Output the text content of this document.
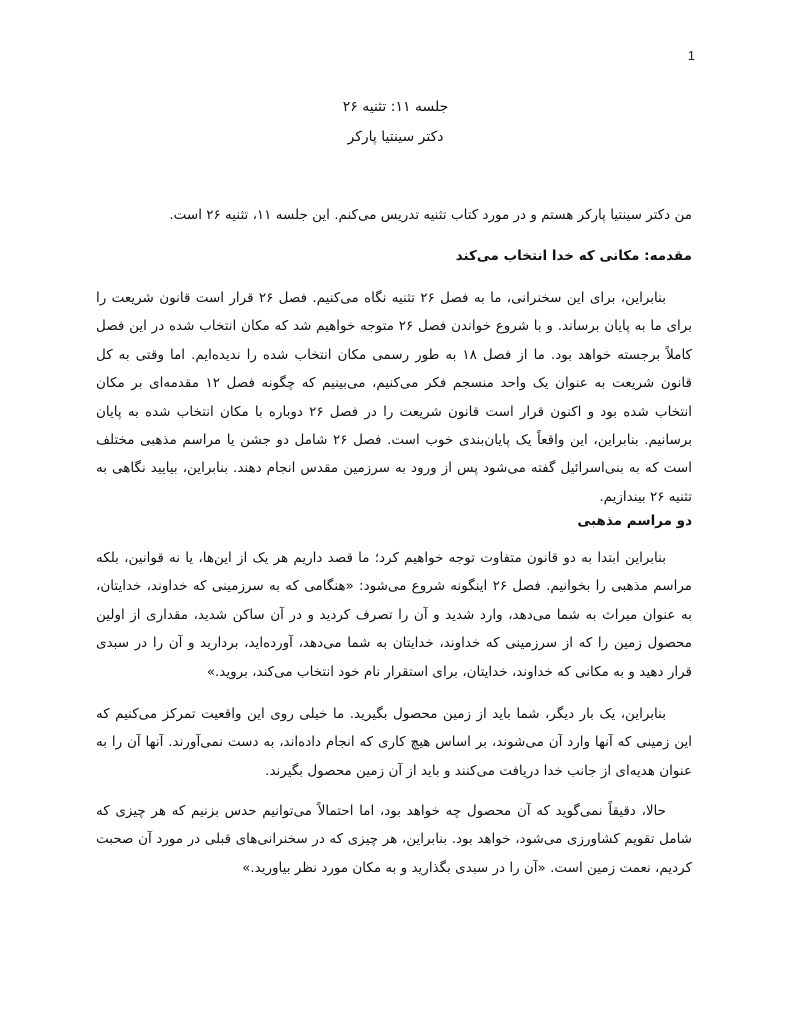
1

جلسه ۱۱: تثنیه ۲۶

دکتر سینتیا پارکر

من دکتر سینتیا پارکر هستم و در مورد کتاب تثنیه تدریس می‌کنم. این جلسه ۱۱، تثنیه ۲۶ است.

مقدمه: مکانی که خدا انتخاب می‌کند

بنابراین، برای این سخنرانی، ما به فصل ۲۶ تثنیه نگاه می‌کنیم. فصل ۲۶ قرار است قانون شریعت را برای ما به پایان برساند. و با شروع خواندن فصل ۲۶ متوجه خواهیم شد که مکان انتخاب شده در این فصل کاملاً برجسته خواهد بود. ما از فصل ۱۸ به طور رسمی مکان انتخاب شده را ندیده‌ایم. اما وقتی به کل قانون شریعت به عنوان یک واحد منسجم فکر می‌کنیم، می‌بینیم که چگونه فصل ۱۲ مقدمه‌ای بر مکان انتخاب شده بود و اکنون قرار است قانون شریعت را در فصل ۲۶ دوباره با مکان انتخاب شده به پایان برسانیم. بنابراین، این واقعاً یک پایان‌بندی خوب است. فصل ۲۶ شامل دو جشن یا مراسم مذهبی مختلف است که به بنی‌اسرائیل گفته می‌شود پس از ورود به سرزمین مقدس انجام دهند. بنابراین، بیایید نگاهی به تثنیه ۲۶ بیندازیم.

دو مراسم مذهبی

بنابراین ابتدا به دو قانون متفاوت توجه خواهیم کرد؛ ما قصد داریم هر یک از این‌ها، یا نه قوانین، بلکه مراسم مذهبی را بخوانیم. فصل ۲۶ اینگونه شروع می‌شود: «هنگامی که به سرزمینی که خداوند، خدایتان، به عنوان میراث به شما می‌دهد، وارد شدید و آن را تصرف کردید و در آن ساکن شدید، مقداری از اولین محصول زمین را که از سرزمینی که خداوند، خدایتان به شما می‌دهد، آورده‌اید، بردارید و آن را در سبدی قرار دهید و به مکانی که خداوند، خدایتان، برای استقرار نام خود انتخاب می‌کند، بروید.»

بنابراین، یک بار دیگر، شما باید از زمین محصول بگیرید. ما خیلی روی این واقعیت تمرکز می‌کنیم که این زمینی که آنها وارد آن می‌شوند، بر اساس هیچ کاری که انجام داده‌اند، به دست نمی‌آورند. آنها آن را به عنوان هدیه‌ای از جانب خدا دریافت می‌کنند و باید از آن زمین محصول بگیرند.

حالا، دقیقاً نمی‌گوید که آن محصول چه خواهد بود، اما احتمالاً می‌توانیم حدس بزنیم که هر چیزی که شامل تقویم کشاورزی می‌شود، خواهد بود. بنابراین، هر چیزی که در سخنرانی‌های قبلی در مورد آن صحبت کردیم، نعمت زمین است. «آن را در سبدی بگذارید و به مکان مورد نظر بیاورید.»
